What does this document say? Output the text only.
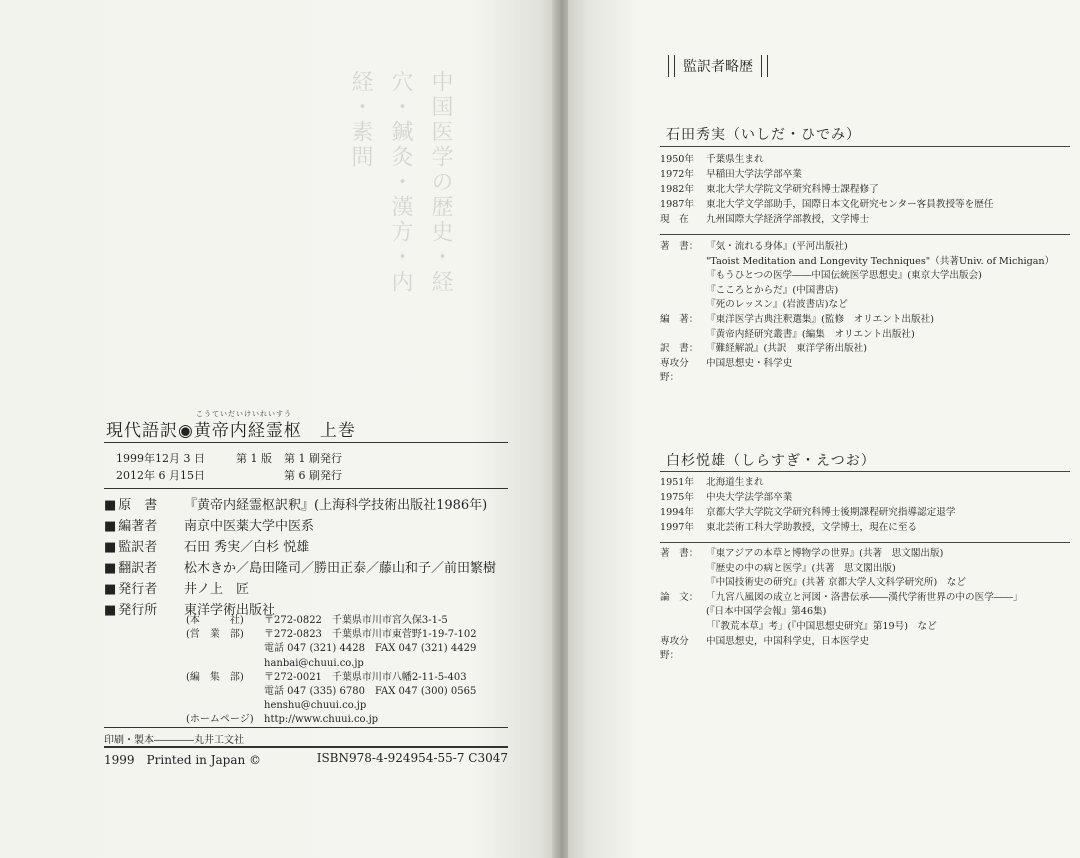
中国医学の歴史・経穴・鍼灸・漢方・内経・素問
こうていだいけいれいすう
現代語訳◉黄帝内経霊枢　上巻
1999年12月 3 日	第 1 版	第 1 刷発行
2012年 6 月15日	第 6 刷発行
■ 原　書	『黄帝内経霊枢訳釈』(上海科学技術出版社1986年)
■ 編著者	南京中医薬大学中医系
■ 監訳者	石田 秀実／白杉 悦雄
■ 翻訳者	松木きか／島田隆司／勝田正泰／藤山和子／前田繁樹
■ 発行者	井ノ上　匠
■ 発行所	東洋学術出版社
(本　　　社)	〒272-0822　千葉県市川市宮久保3-1-5
(営　業　部)	〒272-0823　千葉県市川市東菅野1-19-7-102
電話 047 (321) 4428　FAX 047 (321) 4429
hanbai@chuui.co.jp
(編　集　部)	〒272-0021　千葉県市川市八幡2-11-5-403
電話 047 (335) 6780　FAX 047 (300) 0565
henshu@chuui.co.jp
(ホームページ)	http://www.chuui.co.jp
印刷・製本――――丸井工文社
1999　Printed in Japan ©	ISBN978-4-924954-55-7 C3047
監訳者略歴
石田秀実（いしだ・ひでみ）
1950年	千葉県生まれ
1972年	早稲田大学法学部卒業
1982年	東北大学大学院文学研究科博士課程修了
1987年	東北大学文学部助手，国際日本文化研究センター客員教授等を歴任
現　在	九州国際大学経済学部教授，文学博士
著　書： 『気・流れる身体』(平河出版社)
"Taoist Meditation and Longevity Techniques"（共著Univ. of Michigan）
『もうひとつの医学――中国伝統医学思想史』(東京大学出版会)
『こころとからだ』(中国書店)
『死のレッスン』(岩波書店)など
編　著： 『東洋医学古典注釈選集』(監修　オリエント出版社)
『黄帝内経研究叢書』(編集　オリエント出版社)
訳　書： 『難経解説』(共訳　東洋学術出版社)
専攻分野：
中国思想史・科学史
白杉悦雄（しらすぎ・えつお）
1951年	北海道生まれ
1975年	中央大学法学部卒業
1994年	京都大学大学院文学研究科博士後期課程研究指導認定退学
1997年	東北芸術工科大学助教授，文学博士，現在に至る
著　書： 『東アジアの本草と博物学の世界』(共著　思文閣出版)
『歴史の中の病と医学』(共著　思文閣出版)
『中国技術史の研究』(共著 京都大学人文科学研究所)　など
論　文： 「九宮八風図の成立と河図・洛書伝承――漢代学術世界の中の医学――」
(『日本中国学会報』第46集)
「『教荒本草』考」(『中国思想史研究』第19号)　など
専攻分野：
中国思想史，中国科学史，日本医学史
